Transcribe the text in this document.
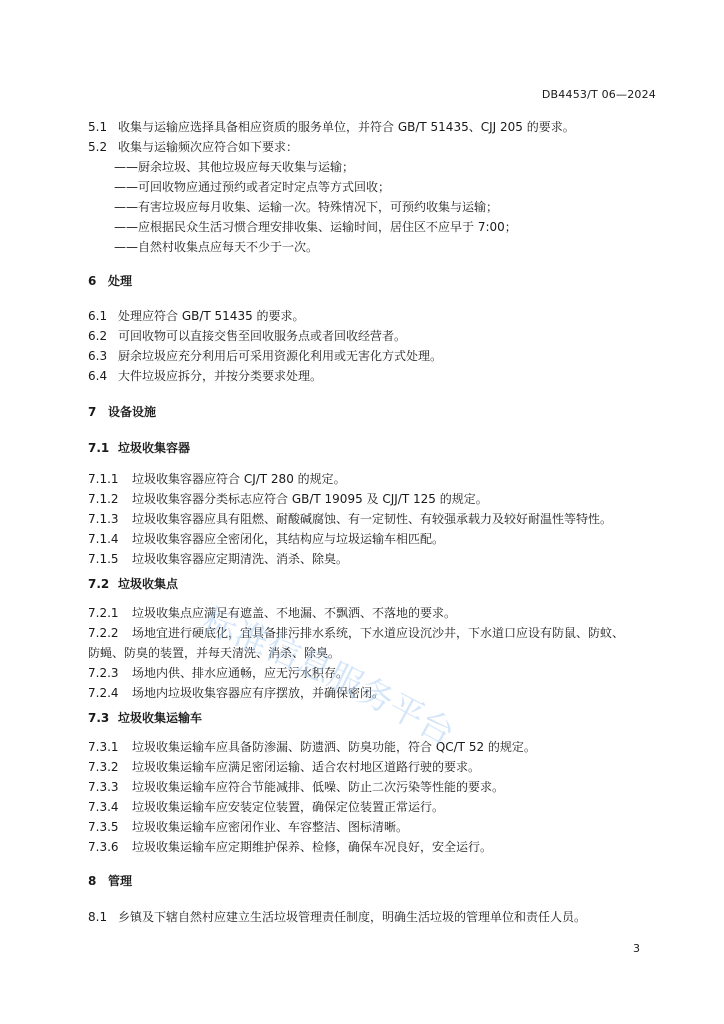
DB4453/T 06—2024
5.1 收集与运输应选择具备相应资质的服务单位，并符合 GB/T 51435、CJJ 205 的要求。
5.2 收集与运输频次应符合如下要求：
——厨余垃圾、其他垃圾应每天收集与运输；
——可回收物应通过预约或者定时定点等方式回收；
——有害垃圾应每月收集、运输一次。特殊情况下，可预约收集与运输；
——应根据民众生活习惯合理安排收集、运输时间，居住区不应早于 7:00；
——自然村收集点应每天不少于一次。
6 处理
6.1 处理应符合 GB/T 51435 的要求。
6.2 可回收物可以直接交售至回收服务点或者回收经营者。
6.3 厨余垃圾应充分利用后可采用资源化利用或无害化方式处理。
6.4 大件垃圾应拆分，并按分类要求处理。
7 设备设施
7.1 垃圾收集容器
7.1.1 垃圾收集容器应符合 CJ/T 280 的规定。
7.1.2 垃圾收集容器分类标志应符合 GB/T 19095 及 CJJ/T 125 的规定。
7.1.3 垃圾收集容器应具有阻燃、耐酸碱腐蚀、有一定韧性、有较强承载力及较好耐温性等特性。
7.1.4 垃圾收集容器应全密闭化，其结构应与垃圾运输车相匹配。
7.1.5 垃圾收集容器应定期清洗、消杀、除臭。
7.2 垃圾收集点
7.2.1 垃圾收集点应满足有遮盖、不地漏、不飘洒、不落地的要求。
7.2.2 场地宜进行硬底化，宜具备排污排水系统，下水道应设沉沙井，下水道口应设有防鼠、防蚊、
防蝇、防臭的装置，并每天清洗、消杀、除臭。
7.2.3 场地内供、排水应通畅，应无污水积存。
7.2.4 场地内垃圾收集容器应有序摆放，并确保密闭。
7.3 垃圾收集运输车
7.3.1 垃圾收集运输车应具备防渗漏、防遗洒、防臭功能，符合 QC/T 52 的规定。
7.3.2 垃圾收集运输车应满足密闭运输、适合农村地区道路行驶的要求。
7.3.3 垃圾收集运输车应符合节能减排、低噪、防止二次污染等性能的要求。
7.3.4 垃圾收集运输车应安装定位装置，确保定位装置正常运行。
7.3.5 垃圾收集运输车应密闭作业、车容整洁、图标清晰。
7.3.6 垃圾收集运输车应定期维护保养、检修，确保车况良好，安全运行。
8 管理
8.1 乡镇及下辖自然村应建立生活垃圾管理责任制度，明确生活垃圾的管理单位和责任人员。
3
标准信息服务平台
